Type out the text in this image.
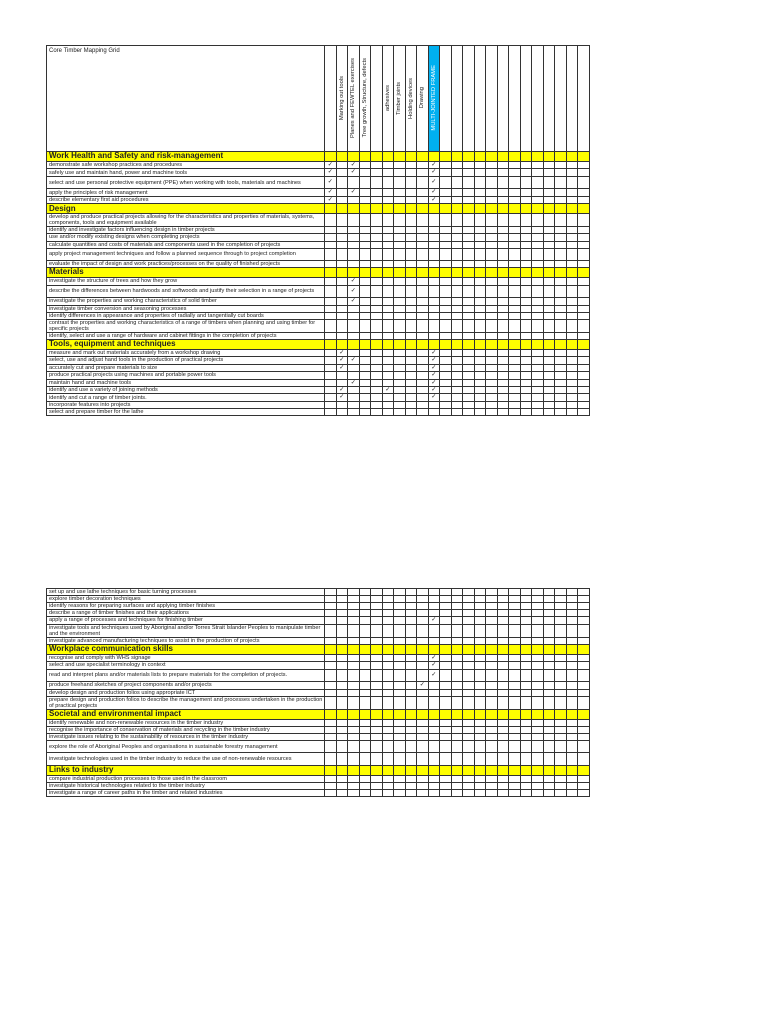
Core Timber Mapping Grid		Marking out tools	Planes and FEWTEL exercises	Tree growth, Structure, defects		adhesives	Timber joints	Holding devices	Drawing	MULTI-JOINTED FRAME													
Work Health and Safety and risk-management																							
demonstrate safe workshop practices and procedures	✓		✓							✓													
safely use and maintain hand, power and machine tools	✓		✓							✓													
select and use personal protective equipment (PPE) when working with tools, materials and machines	✓									✓													
apply the principles of risk management	✓		✓							✓													
describe elementary first aid procedures	✓									✓													
Design																							
develop and produce practical projects allowing for the characteristics and properties of materials, systems, components, tools and equipment available																							
identify and investigate factors influencing design in timber projects																							
use and/or modify existing designs when completing projects																							
calculate quantities and costs of materials and components used in the completion of projects																							
apply project management techniques and follow a planned sequence through to project completion																							
evaluate the impact of design and work practices/processes on the quality of finished projects																							
Materials																							
investigate the structure of trees and how they grow			✓																				
describe the differences between hardwoods and softwoods and justify their selection in a range of projects			✓																				
investigate the properties and working characteristics of solid timber			✓																				
investigate timber conversion and seasoning processes																							
identify differences in appearance and properties of radially and tangentially cut boards																							
contrast the properties and working characteristics of a range of timbers when planning and using timber for specific projects																							
identify, select and use a range of hardware and cabinet fittings in the completion of projects																							
Tools, equipment and techniques																							
measure and mark out materials accurately from a workshop drawing		✓								✓													
select, use and adjust hand tools in the production of practical projects		✓	✓							✓													
accurately cut and prepare materials to size		✓								✓													
produce practical projects using machines and portable power tools										✓													
maintain hand and machine tools			✓							✓													
identify and use a variety of joining methods		✓				✓				✓													
identify and cut a range of timber joints.		✓								✓													
incorporate features into projects																							
select and prepare timber for the lathe																							
set up and use lathe techniques for basic turning processes																							
explore timber decoration techniques																							
identify reasons for preparing surfaces and applying timber finishes																							
describe a range of timber finishes and their applications																							
apply a range of processes and techniques for finishing timber										✓													
investigate tools and techniques used by Aboriginal and/or Torres Strait Islander Peoples to manipulate timber and the environment																							
investigate advanced manufacturing techniques to assist in the production of projects																							
Workplace communication skills																							
recognise and comply with WHS signage										✓													
select and use specialist terminology in context										✓													
read and interpret plans and/or materials lists to prepare materials for the completion of projects.										✓													
produce freehand sketches of project components and/or projects									✓														
develop design and production folios using appropriate ICT																							
prepare design and production folios to describe the management and processes undertaken in the production of practical projects																							
Societal and environmental impact																							
identify renewable and non-renewable resources in the timber industry																							
recognise the importance of conservation of materials and recycling in the timber industry																							
investigate issues relating to the sustainability of resources in the timber industry																							
explore the role of Aboriginal Peoples and organisations in sustainable forestry management																							
investigate technologies used in the timber industry to reduce the use of non-renewable resources																							
Links to industry																							
compare industrial production processes to those used in the classroom																							
investigate historical technologies related to the timber industry																							
investigate a range of career paths in the timber and related industries																							
